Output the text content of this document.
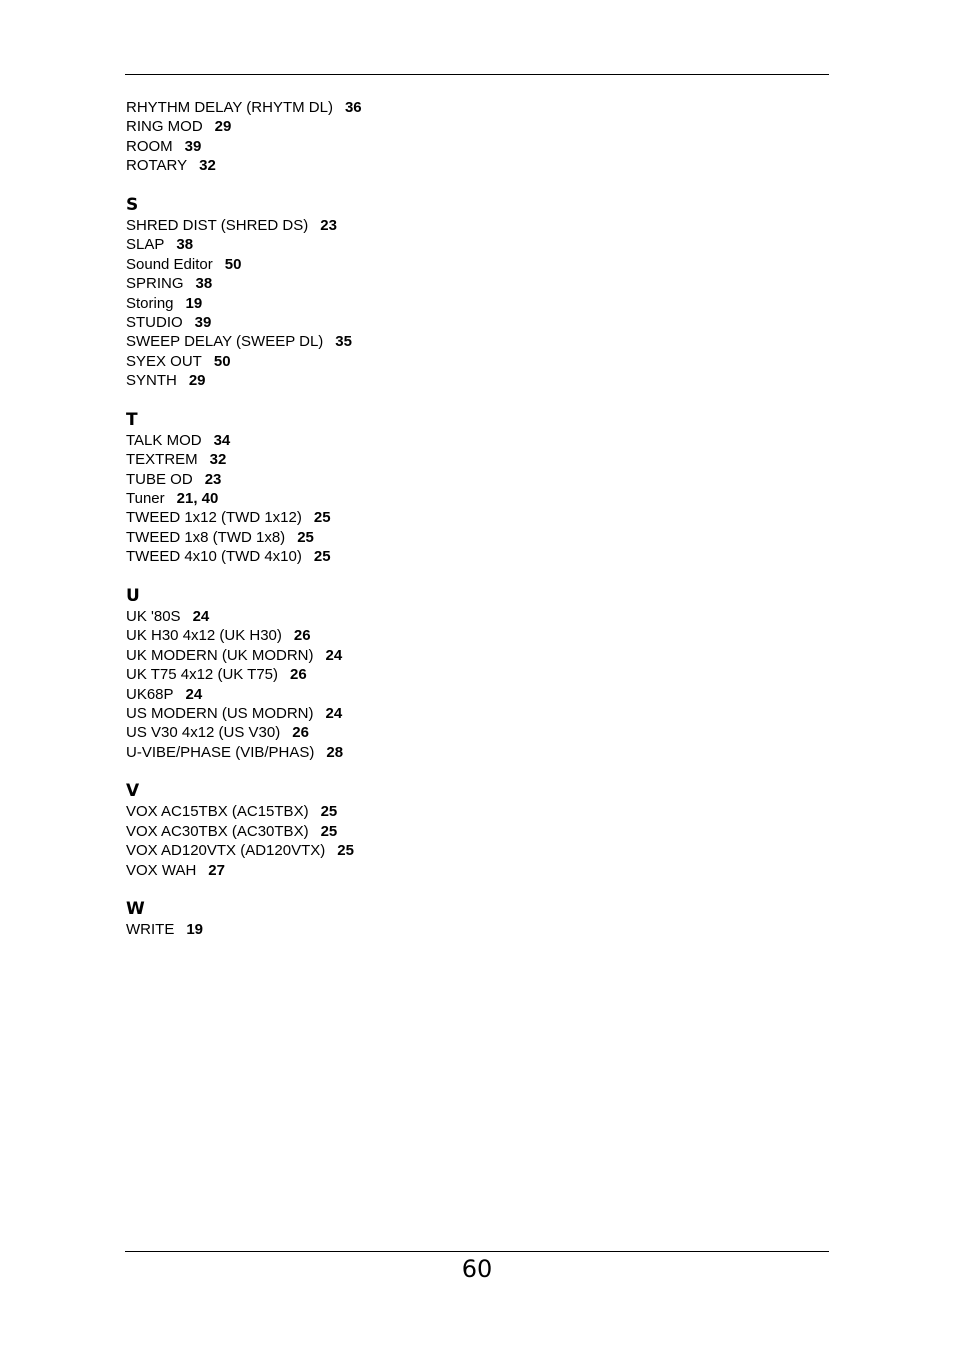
RHYTHM DELAY (RHYTM DL) 36
RING MOD 29
ROOM 39
ROTARY 32
S
SHRED DIST (SHRED DS) 23
SLAP 38
Sound Editor 50
SPRING 38
Storing 19
STUDIO 39
SWEEP DELAY (SWEEP DL) 35
SYEX OUT 50
SYNTH 29
T
TALK MOD 34
TEXTREM 32
TUBE OD 23
Tuner 21, 40
TWEED 1x12 (TWD 1x12) 25
TWEED 1x8 (TWD 1x8) 25
TWEED 4x10 (TWD 4x10) 25
U
UK '80S 24
UK H30 4x12 (UK H30) 26
UK MODERN (UK MODRN) 24
UK T75 4x12 (UK T75) 26
UK68P 24
US MODERN (US MODRN) 24
US V30 4x12 (US V30) 26
U-VIBE/PHASE (VIB/PHAS) 28
V
VOX AC15TBX (AC15TBX) 25
VOX AC30TBX (AC30TBX) 25
VOX AD120VTX (AD120VTX) 25
VOX WAH 27
W
WRITE 19
60
